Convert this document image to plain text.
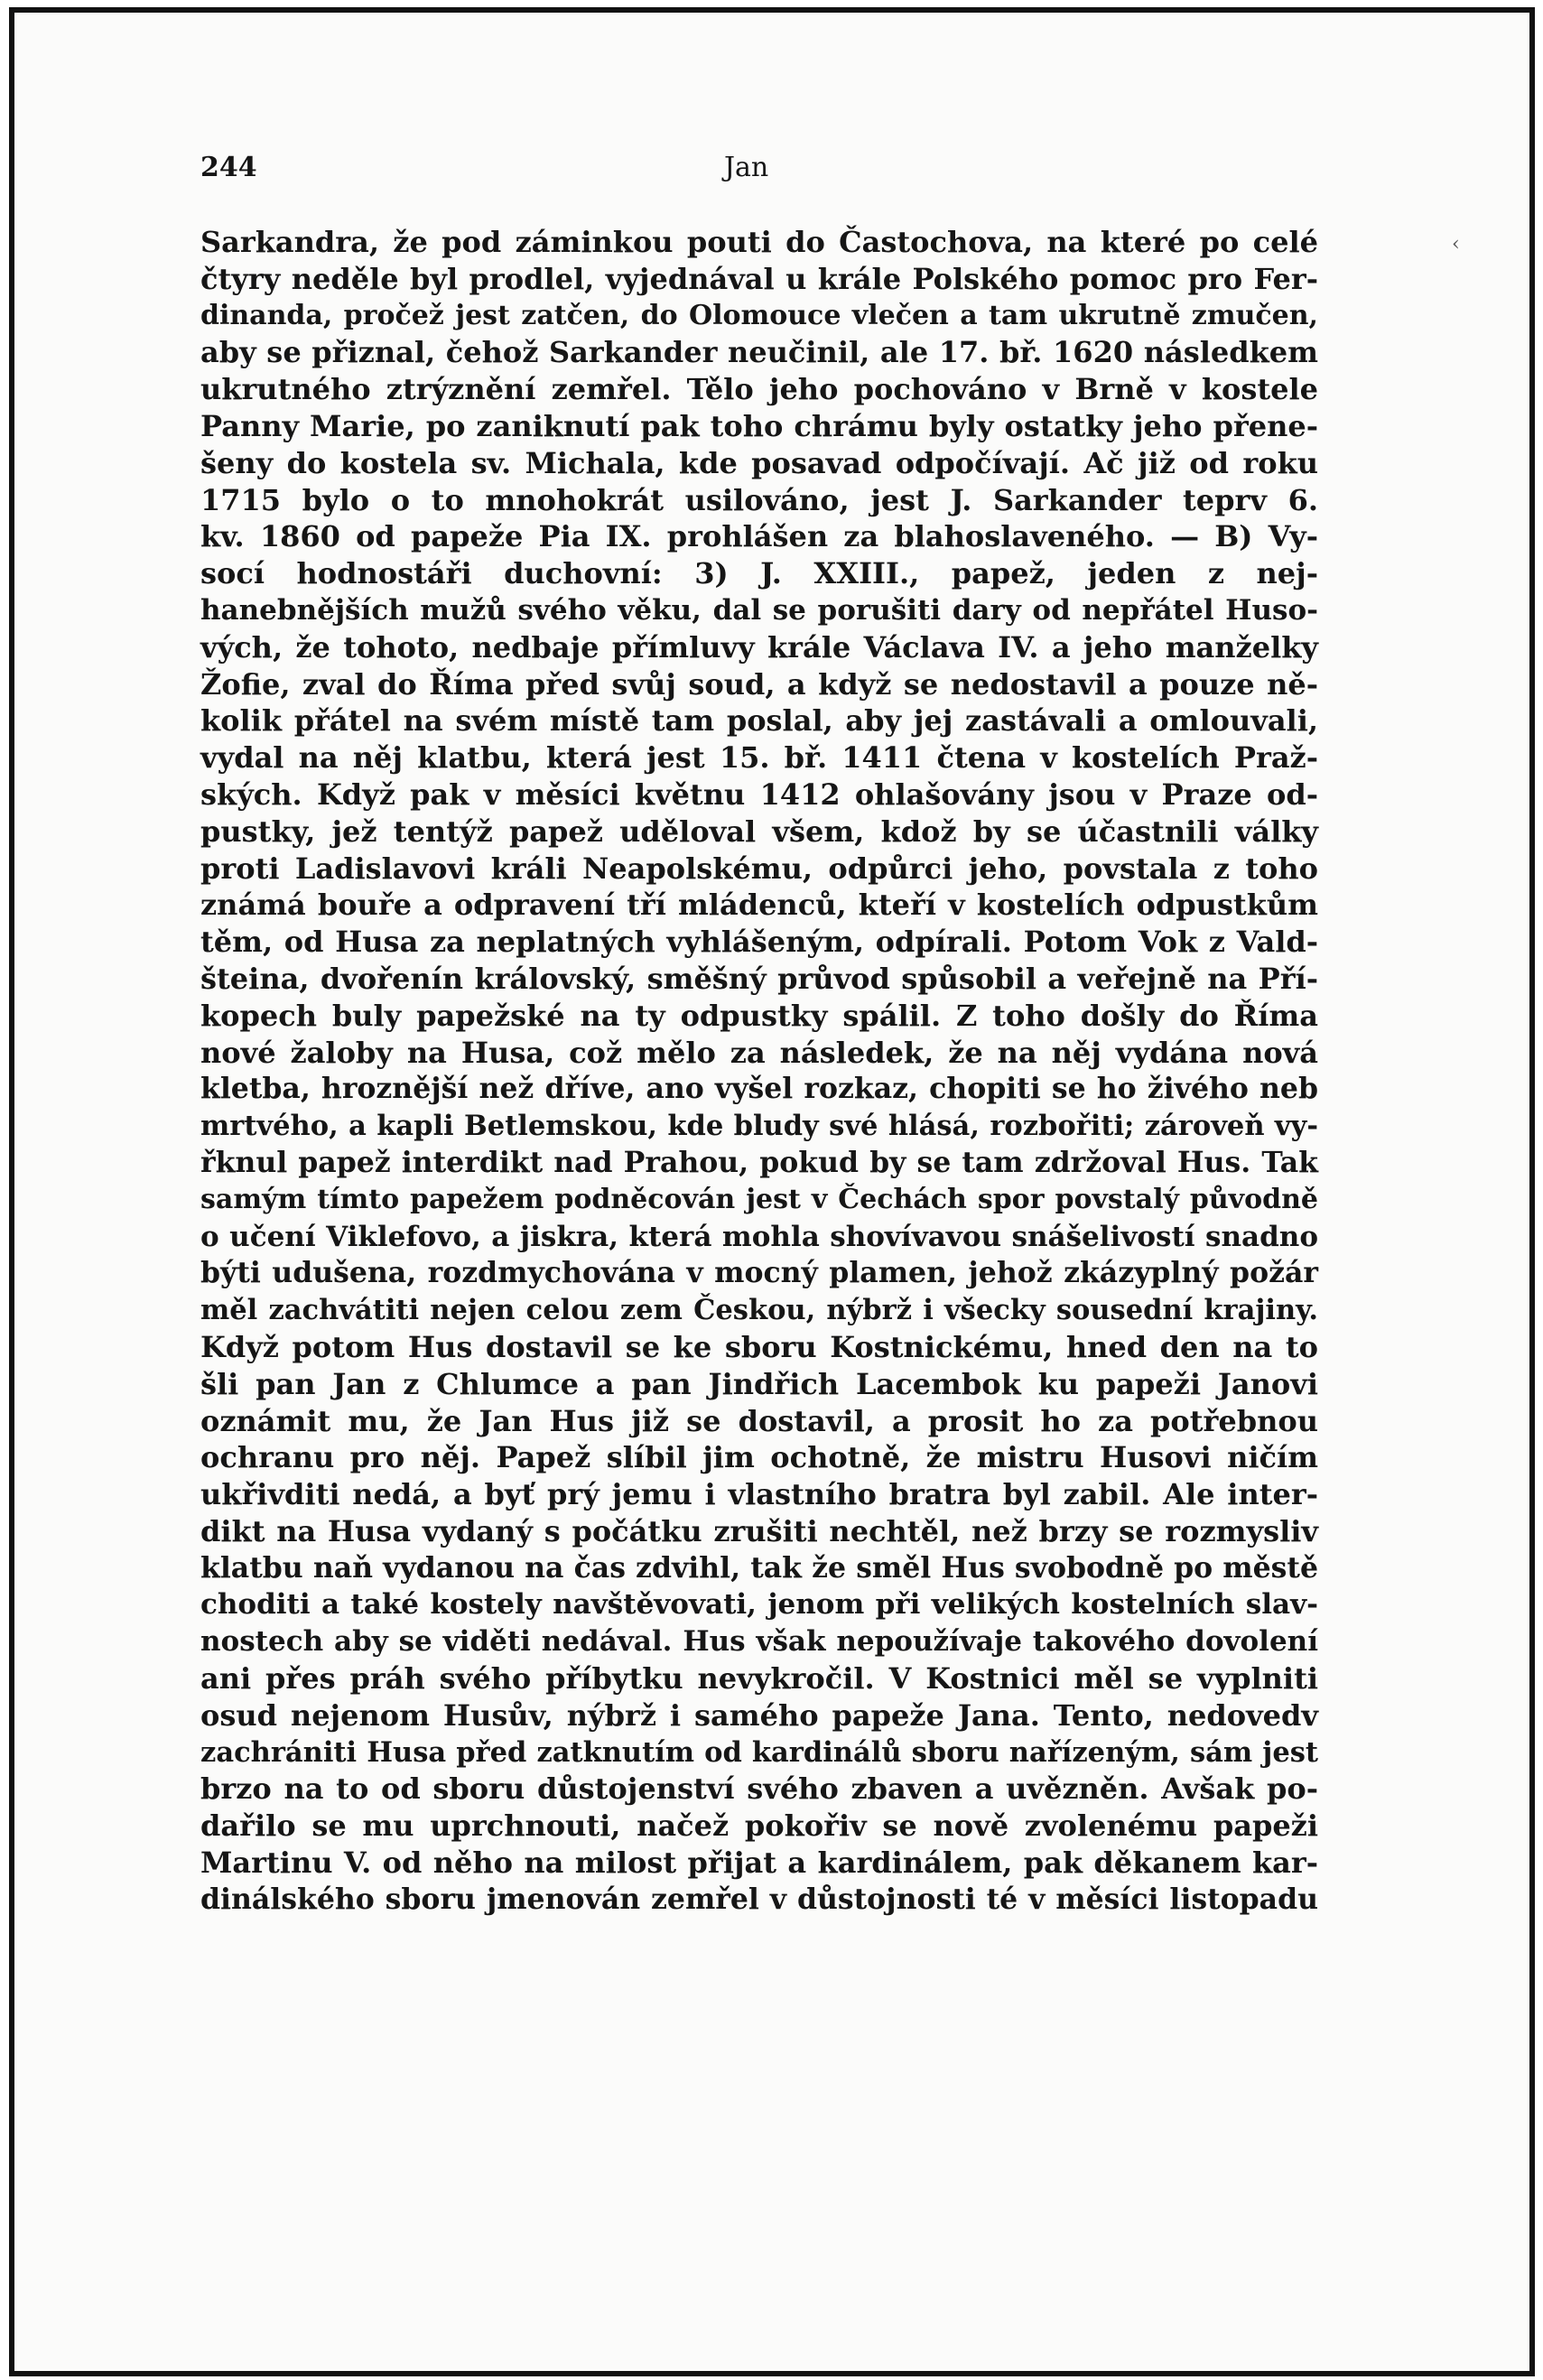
244	Jan
‹
Sarkandra, že pod záminkou pouti do Častochova, na které po celé
čtyry neděle byl prodlel, vyjednával u krále Polského pomoc pro Fer-
dinanda, pročež jest zatčen, do Olomouce vlečen a tam ukrutně zmučen,
aby se přiznal, čehož Sarkander neučinil, ale 17. bř. 1620 následkem
ukrutného ztrýznění zemřel. Tělo jeho pochováno v Brně v kostele
Panny Marie, po zaniknutí pak toho chrámu byly ostatky jeho přene-
šeny do kostela sv. Michala, kde posavad odpočívají. Ač již od roku
1715 bylo o to mnohokrát usilováno, jest J. Sarkander teprv 6.
kv. 1860 od papeže Pia IX. prohlášen za blahoslaveného. — B) Vy-
socí hodnostáři duchovní: 3) J. XXIII., papež, jeden z nej-
hanebnějších mužů svého věku, dal se porušiti dary od nepřátel Huso-
vých, že tohoto, nedbaje přímluvy krále Václava IV. a jeho manželky
Žofie, zval do Říma před svůj soud, a když se nedostavil a pouze ně-
kolik přátel na svém místě tam poslal, aby jej zastávali a omlouvali,
vydal na něj klatbu, která jest 15. bř. 1411 čtena v kostelích Praž-
ských. Když pak v měsíci květnu 1412 ohlašovány jsou v Praze od-
pustky, jež tentýž papež uděloval všem, kdož by se účastnili války
proti Ladislavovi králi Neapolskému, odpůrci jeho, povstala z toho
známá bouře a odpravení tří mládenců, kteří v kostelích odpustkům
těm, od Husa za neplatných vyhlášeným, odpírali. Potom Vok z Vald-
šteina, dvořenín královský, směšný průvod spůsobil a veřejně na Pří-
kopech buly papežské na ty odpustky spálil. Z toho došly do Říma
nové žaloby na Husa, což mělo za následek, že na něj vydána nová
kletba, hroznější než dříve, ano vyšel rozkaz, chopiti se ho živého neb
mrtvého, a kapli Betlemskou, kde bludy své hlásá, rozbořiti; zároveň vy-
řknul papež interdikt nad Prahou, pokud by se tam zdržoval Hus. Tak
samým tímto papežem podněcován jest v Čechách spor povstalý původně
o učení Viklefovo, a jiskra, která mohla shovívavou snášelivostí snadno
býti udušena, rozdmychována v mocný plamen, jehož zkázyplný požár
měl zachvátiti nejen celou zem Českou, nýbrž i všecky sousední krajiny.
Když potom Hus dostavil se ke sboru Kostnickému, hned den na to
šli pan Jan z Chlumce a pan Jindřich Lacembok ku papeži Janovi
oznámit mu, že Jan Hus již se dostavil, a prosit ho za potřebnou
ochranu pro něj. Papež slíbil jim ochotně, že mistru Husovi ničím
ukřivditi nedá, a byť prý jemu i vlastního bratra byl zabil. Ale inter-
dikt na Husa vydaný s počátku zrušiti nechtěl, než brzy se rozmysliv
klatbu naň vydanou na čas zdvihl, tak že směl Hus svobodně po městě
choditi a také kostely navštěvovati, jenom při velikých kostelních slav-
nostech aby se viděti nedával. Hus však nepoužívaje takového dovolení
ani přes práh svého příbytku nevykročil. V Kostnici měl se vyplniti
osud nejenom Husův, nýbrž i samého papeže Jana. Tento, nedovedv
zachrániti Husa před zatknutím od kardinálů sboru nařízeným, sám jest
brzo na to od sboru důstojenství svého zbaven a uvězněn. Avšak po-
dařilo se mu uprchnouti, načež pokořiv se nově zvolenému papeži
Martinu V. od něho na milost přijat a kardinálem, pak děkanem kar-
dinálského sboru jmenován zemřel v důstojnosti té v měsíci listopadu
